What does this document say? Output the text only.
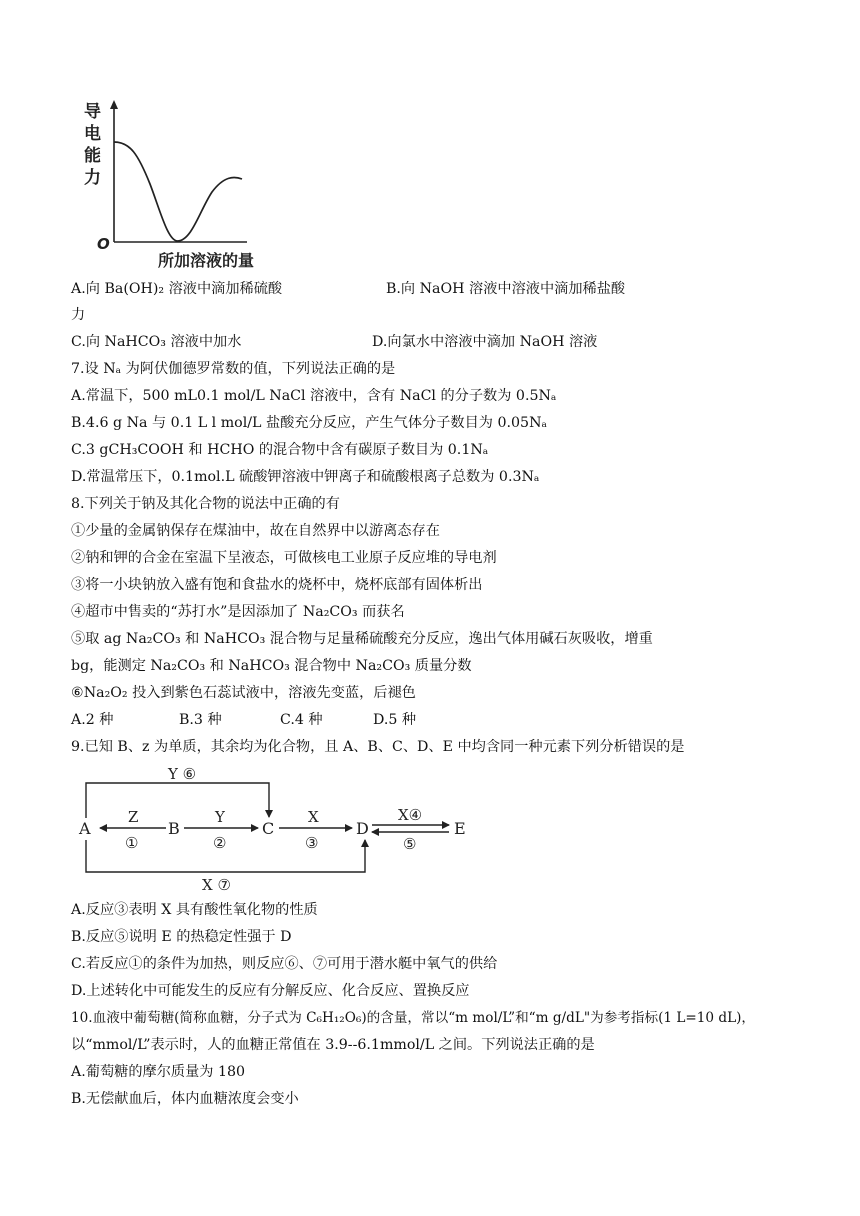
导
电
能
力
O
所加溶液的量
A.向 Ba(OH)₂ 溶液中滴加稀硫酸	B.向 NaOH 溶液中溶液中滴加稀盐酸
力
C.向 NaHCO₃ 溶液中加水	D.向氯水中溶液中滴加 NaOH 溶液
7.设 Nₐ 为阿伏伽德罗常数的值，下列说法正确的是
A.常温下，500 mL0.1 mol/L NaCl 溶液中，含有 NaCl 的分子数为 0.5Nₐ
B.4.6 g Na 与 0.1 L l mol/L 盐酸充分反应，产生气体分子数目为 0.05Nₐ
C.3 gCH₃COOH 和 HCHO 的混合物中含有碳原子数目为 0.1Nₐ
D.常温常压下，0.1mol.L 硫酸钾溶液中钾离子和硫酸根离子总数为 0.3Nₐ
8.下列关于钠及其化合物的说法中正确的有
①少量的金属钠保存在煤油中，故在自然界中以游离态存在
②钠和钾的合金在室温下呈液态，可做核电工业原子反应堆的导电剂
③将一小块钠放入盛有饱和食盐水的烧杯中，烧杯底部有固体析出
④超市中售卖的“苏打水”是因添加了 Na₂CO₃ 而获名
⑤取 ag Na₂CO₃ 和 NaHCO₃ 混合物与足量稀硫酸充分反应，逸出气体用碱石灰吸收，增重
bg，能测定 Na₂CO₃ 和 NaHCO₃ 混合物中 Na₂CO₃ 质量分数
⑥Na₂O₂ 投入到紫色石蕊试液中，溶液先变蓝，后褪色
A.2 种	B.3 种	C.4 种	D.5 种
9.已知 B、z 为单质，其余均为化合物，且 A、B、C、D、E 中均含同一种元素下列分析错误的是
Y ⑥
X ⑦
A	B	C	D	E
Z
①
Y
②
X
③
X④
⑤
A.反应③表明 X 具有酸性氧化物的性质
B.反应⑤说明 E 的热稳定性强于 D
C.若反应①的条件为加热，则反应⑥、⑦可用于潜水艇中氧气的供给
D.上述转化中可能发生的反应有分解反应、化合反应、置换反应
10.血液中葡萄糖(简称血糖，分子式为 C₆H₁₂O₆)的含量，常以“m mol/L”和“m g/dL"为参考指标(1 L=10 dL)，
以“mmol/L”表示时，人的血糖正常值在 3.9--6.1mmol/L 之间。下列说法正确的是
A.葡萄糖的摩尔质量为 180
B.无偿献血后，体内血糖浓度会变小
